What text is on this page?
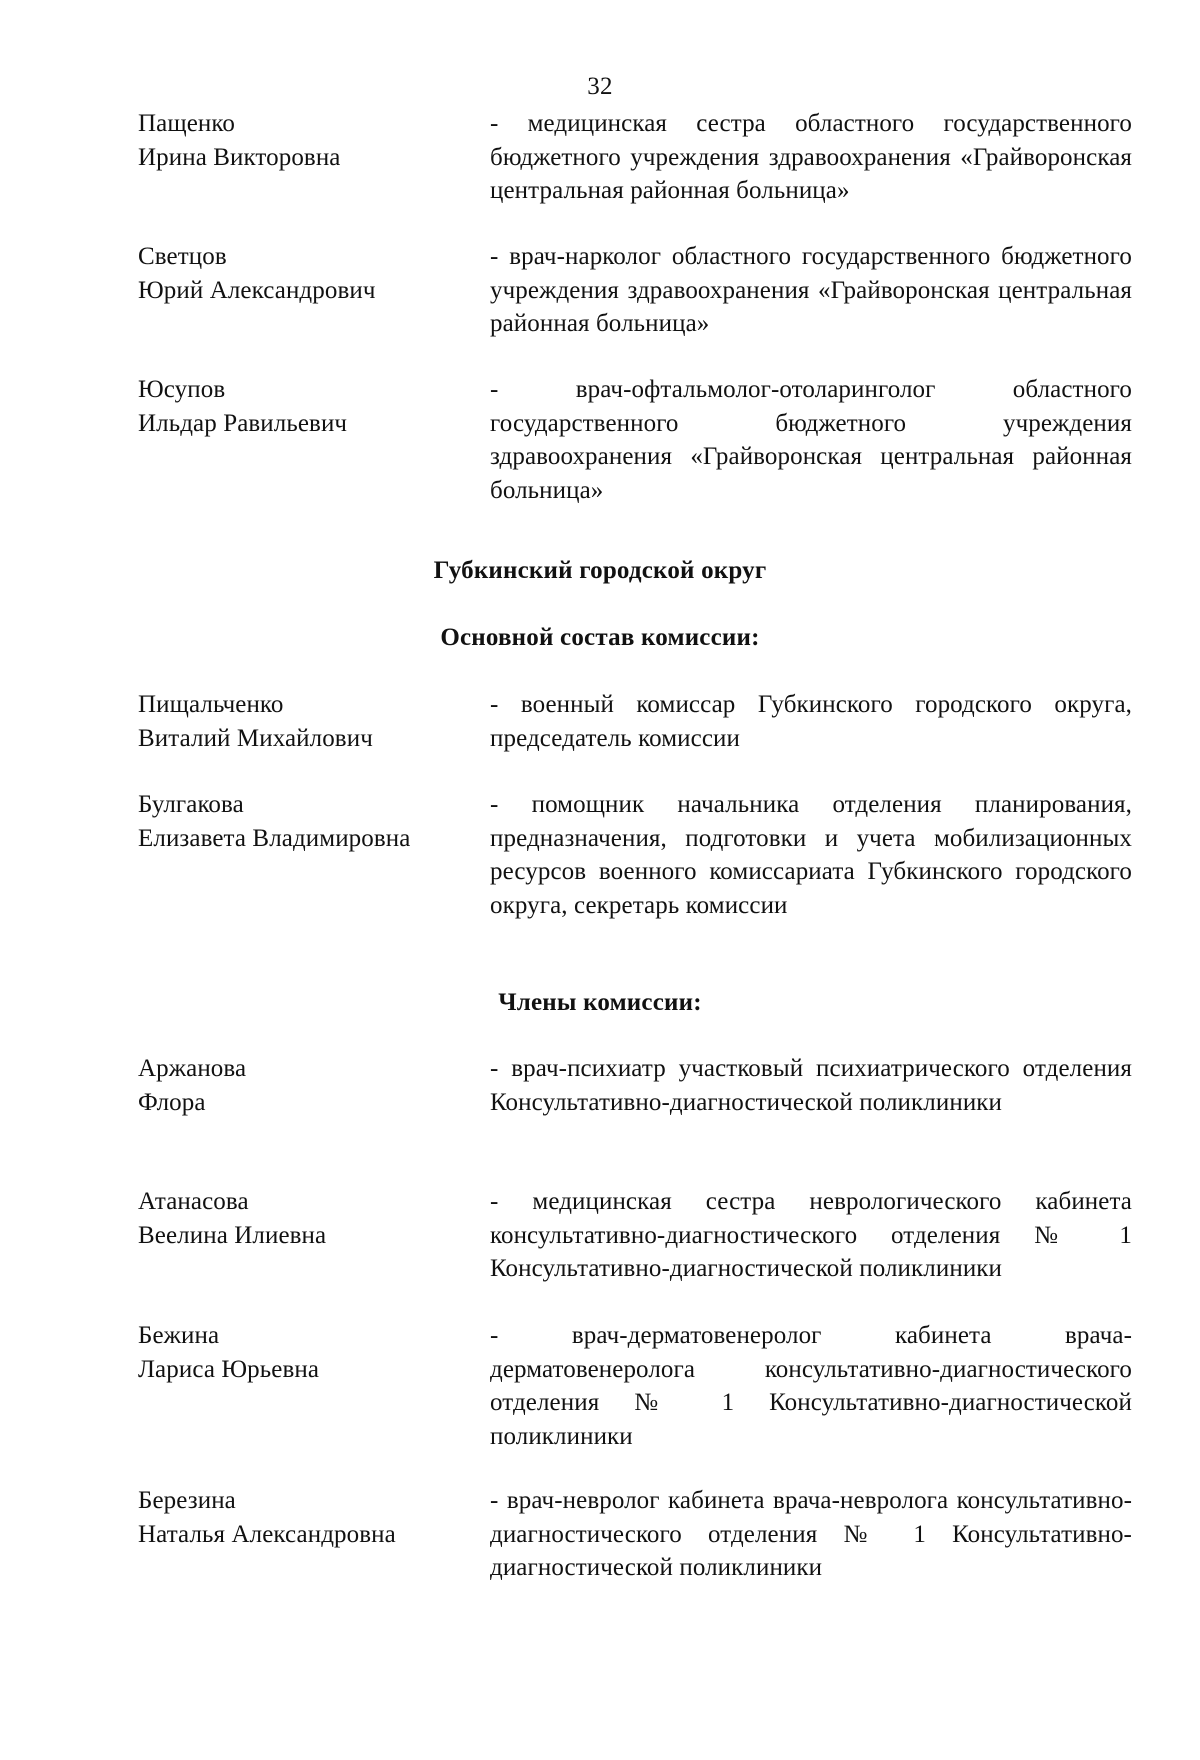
32
Пащенко
Ирина Викторовна
- медицинская сестра областного государственного бюджетного учреждения здравоохранения «Грайворонская центральная районная больница»
Светцов
Юрий Александрович
- врач-нарколог областного государственного бюджетного учреждения здравоохранения «Грайворонская центральная районная больница»
Юсупов
Ильдар Равильевич
- врач-офтальмолог-отоларинголог областного государственного бюджетного учреждения здравоохранения «Грайворонская центральная районная больница»
Губкинский городской округ
Основной состав комиссии:
Пищальченко
Виталий Михайлович
- военный комиссар Губкинского городского округа, председатель комиссии
Булгакова
Елизавета Владимировна
- помощник начальника отделения планирования, предназначения, подготовки и учета мобилизационных ресурсов военного комиссариата Губкинского городского округа, секретарь комиссии
Члены комиссии:
Аржанова
Флора
- врач-психиатр участковый психиатрического отделения Консультативно-диагностической поликлиники
Атанасова
Веелина Илиевна
- медицинская сестра неврологического кабинета консультативно-диагностического отделения № 1 Консультативно-диагностической поликлиники
Бежина
Лариса Юрьевна
- врач-дерматовенеролог кабинета врача-дерматовенеролога консультативно-диагностического отделения № 1 Консультативно-диагностической поликлиники
Березина
Наталья Александровна
- врач-невролог кабинета врача-невролога консультативно-диагностического отделения № 1 Консультативно-диагностической поликлиники
